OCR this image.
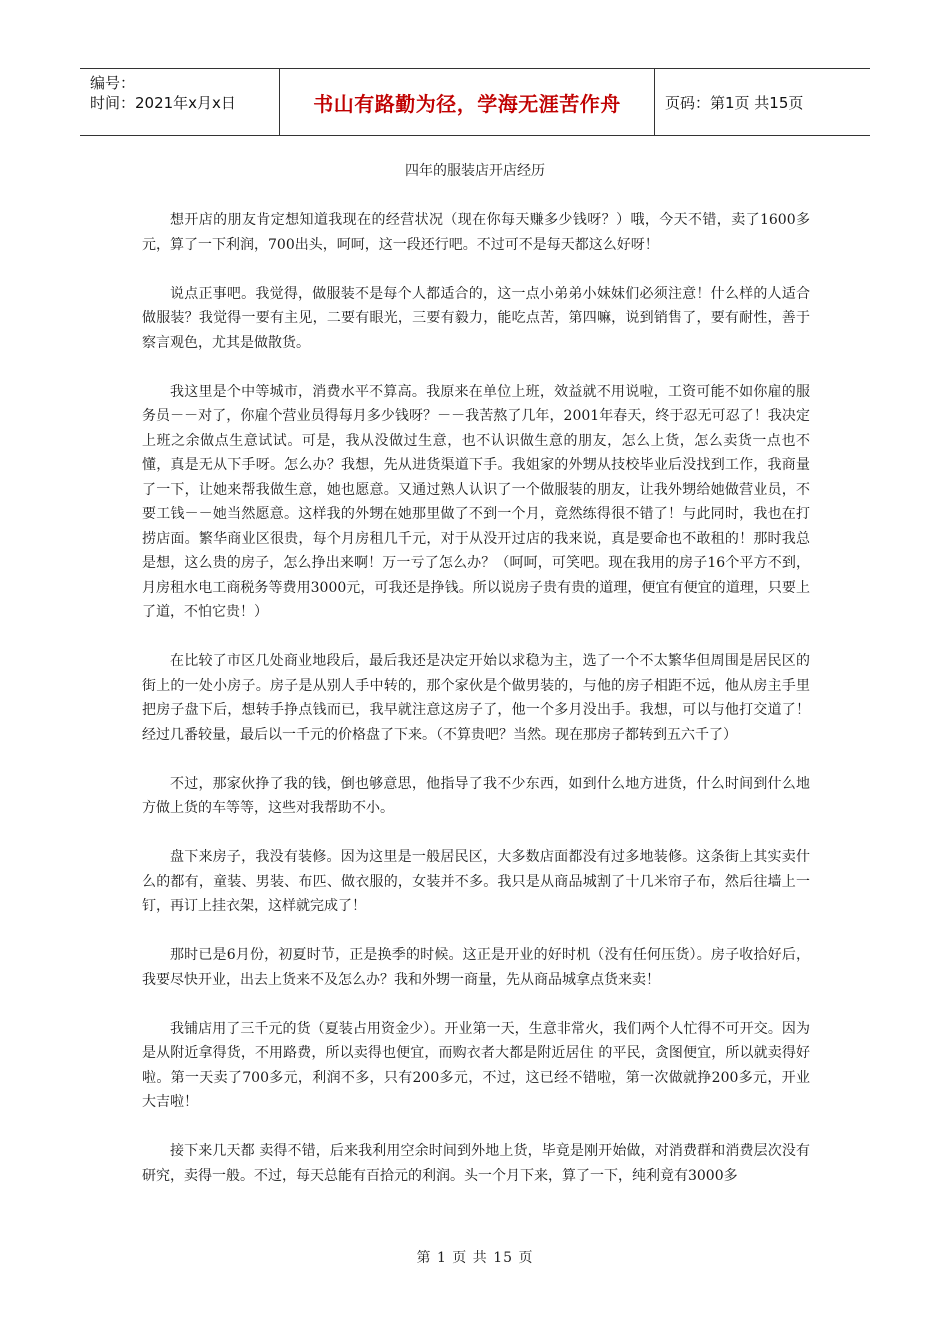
编号：
时间：2021年x月x日	书山有路勤为径，学海无涯苦作舟	页码：第1页 共15页
四年的服装店开店经历

想开店的朋友肯定想知道我现在的经营状况（现在你每天赚多少钱呀？）哦，今天不错，卖了1600多元，算了一下利润，700出头，呵呵，这一段还行吧。不过可不是每天都这么好呀！

说点正事吧。我觉得，做服装不是每个人都适合的，这一点小弟弟小妹妹们必须注意！什么样的人适合做服装？我觉得一要有主见，二要有眼光，三要有毅力，能吃点苦，第四嘛，说到销售了，要有耐性，善于察言观色，尤其是做散货。

我这里是个中等城市，消费水平不算高。我原来在单位上班，效益就不用说啦，工资可能不如你雇的服务员－－对了，你雇个营业员得每月多少钱呀？－－我苦熬了几年，2001年春天，终于忍无可忍了！我决定上班之余做点生意试试。可是，我从没做过生意，也不认识做生意的朋友，怎么上货，怎么卖货一点也不懂，真是无从下手呀。怎么办？我想，先从进货渠道下手。我姐家的外甥从技校毕业后没找到工作，我商量了一下，让她来帮我做生意，她也愿意。又通过熟人认识了一个做服装的朋友，让我外甥给她做营业员，不要工钱－－她当然愿意。这样我的外甥在她那里做了不到一个月，竟然练得很不错了！与此同时，我也在打捞店面。繁华商业区很贵，每个月房租几千元，对于从没开过店的我来说，真是要命也不敢租的！那时我总是想，这么贵的房子，怎么挣出来啊！万一亏了怎么办？（呵呵，可笑吧。现在我用的房子16个平方不到，月房租水电工商税务等费用3000元，可我还是挣钱。所以说房子贵有贵的道理，便宜有便宜的道理，只要上了道，不怕它贵！）

在比较了市区几处商业地段后，最后我还是决定开始以求稳为主，选了一个不太繁华但周围是居民区的街上的一处小房子。房子是从别人手中转的，那个家伙是个做男装的，与他的房子相距不远，他从房主手里把房子盘下后，想转手挣点钱而已，我早就注意这房子了，他一个多月没出手。我想，可以与他打交道了！经过几番较量，最后以一千元的价格盘了下来。（不算贵吧？当然。现在那房子都转到五六千了）

不过，那家伙挣了我的钱，倒也够意思，他指导了我不少东西，如到什么地方进货，什么时间到什么地方做上货的车等等，这些对我帮助不小。

盘下来房子，我没有装修。因为这里是一般居民区，大多数店面都没有过多地装修。这条街上其实卖什么的都有，童装、男装、布匹、做衣服的，女装并不多。我只是从商品城割了十几米帘子布，然后往墙上一钉，再订上挂衣架，这样就完成了！

那时已是6月份，初夏时节，正是换季的时候。这正是开业的好时机（没有任何压货）。房子收拾好后，我要尽快开业，出去上货来不及怎么办？我和外甥一商量，先从商品城拿点货来卖！

我铺店用了三千元的货（夏装占用资金少）。开业第一天，生意非常火，我们两个人忙得不可开交。因为是从附近拿得货，不用路费，所以卖得也便宜，而购衣者大都是附近居住 的平民，贪图便宜，所以就卖得好啦。第一天卖了700多元，利润不多，只有200多元，不过，这已经不错啦，第一次做就挣200多元，开业大吉啦！

接下来几天都 卖得不错，后来我利用空余时间到外地上货，毕竟是刚开始做，对消费群和消费层次没有研究，卖得一般。不过，每天总能有百拾元的利润。头一个月下来，算了一下，纯利竟有3000多

第 1 页 共 15 页
